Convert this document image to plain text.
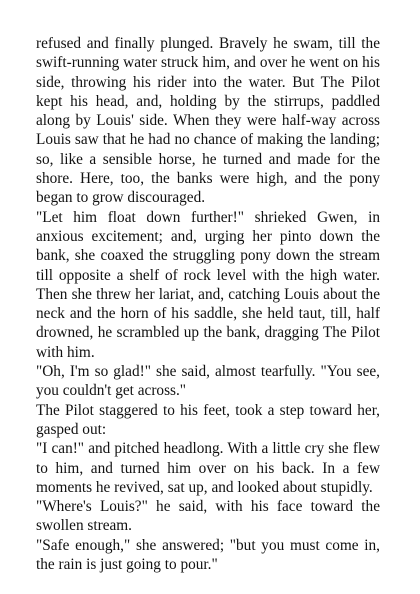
refused and finally plunged. Bravely he swam, till the swift-running water struck him, and over he went on his side, throwing his rider into the water. But The Pilot kept his head, and, holding by the stirrups, paddled along by Louis' side. When they were half-way across Louis saw that he had no chance of making the landing; so, like a sensible horse, he turned and made for the shore. Here, too, the banks were high, and the pony began to grow discouraged.

"Let him float down further!" shrieked Gwen, in anxious excitement; and, urging her pinto down the bank, she coaxed the struggling pony down the stream till opposite a shelf of rock level with the high water. Then she threw her lariat, and, catching Louis about the neck and the horn of his saddle, she held taut, till, half drowned, he scrambled up the bank, dragging The Pilot with him.

"Oh, I'm so glad!" she said, almost tearfully. "You see, you couldn't get across."

The Pilot staggered to his feet, took a step toward her, gasped out:

"I can!" and pitched headlong. With a little cry she flew to him, and turned him over on his back. In a few moments he revived, sat up, and looked about stupidly.

"Where's Louis?" he said, with his face toward the swollen stream.

"Safe enough," she answered; "but you must come in, the rain is just going to pour."
